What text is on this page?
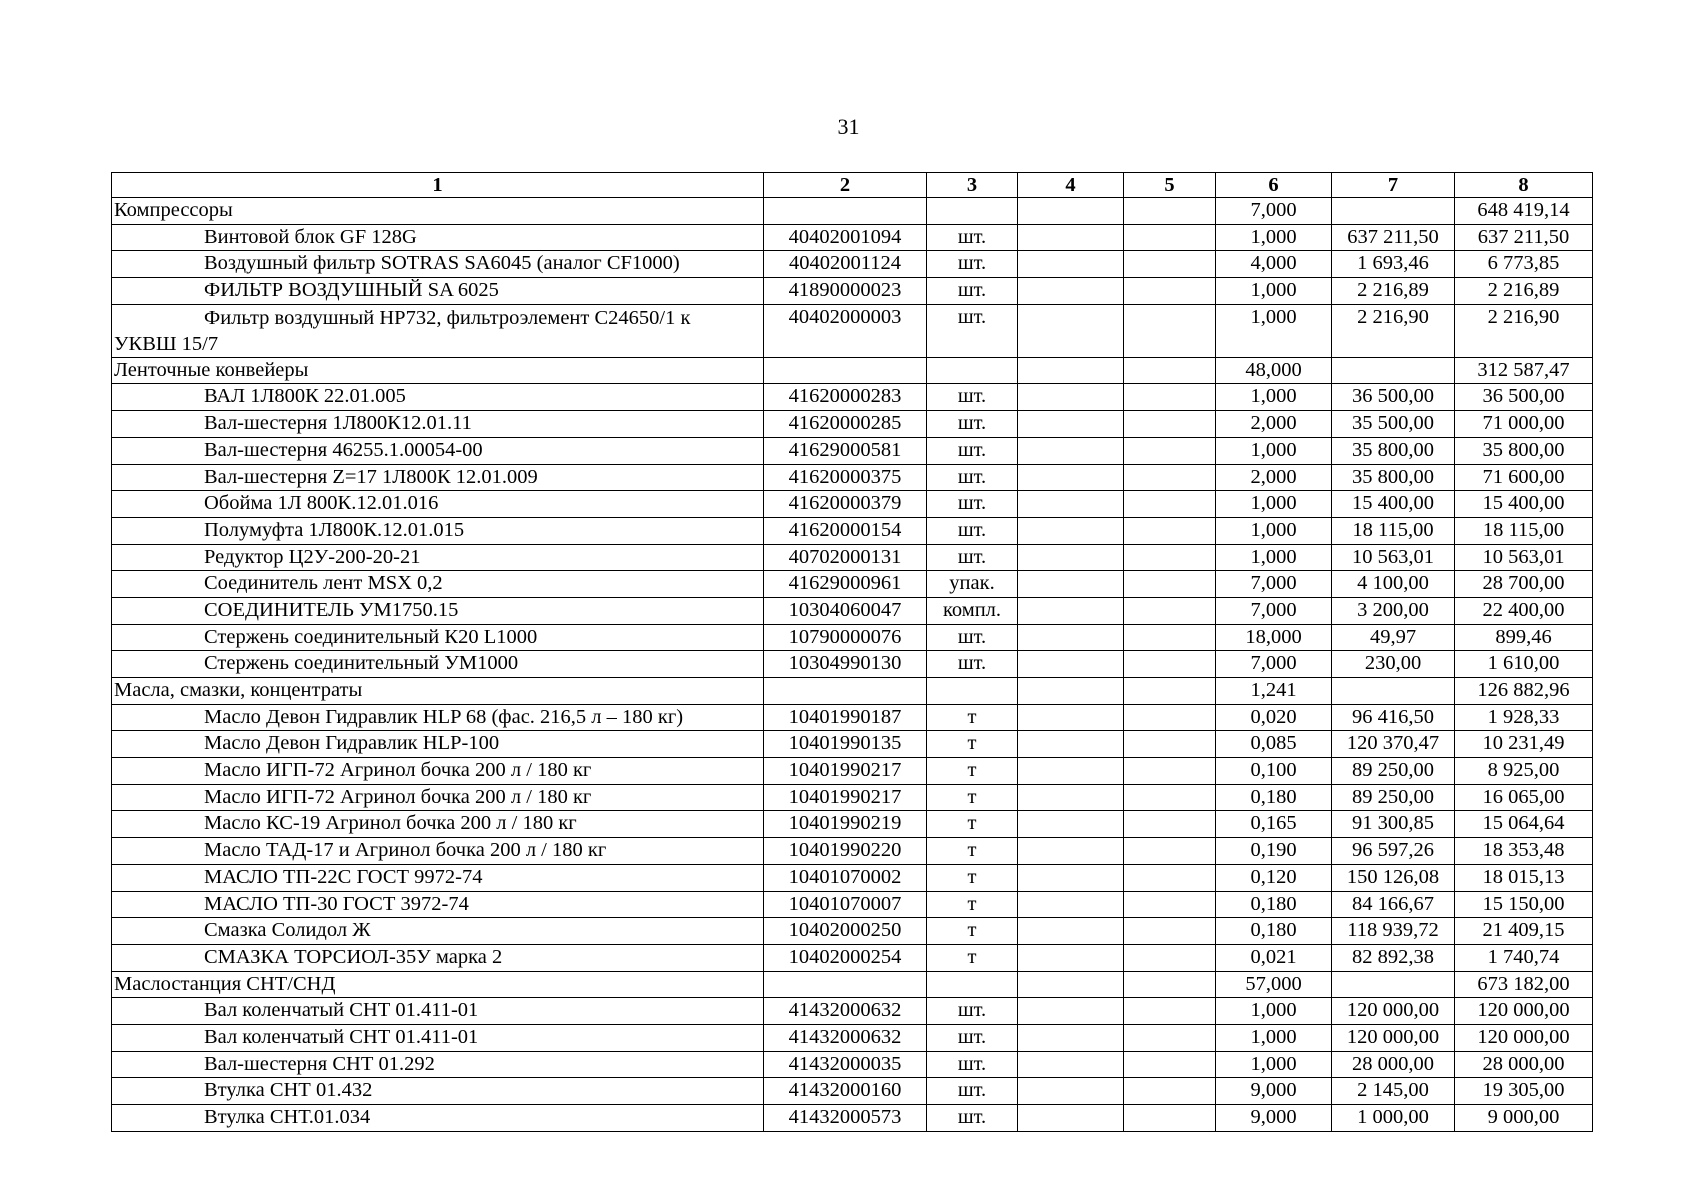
31
1	2	3	4	5	6	7	8
Компрессоры					7,000		648 419,14
Винтовой блок GF 128G	40402001094	шт.			1,000	637 211,50	637 211,50
Воздушный фильтр SOTRAS SA6045 (аналог CF1000)	40402001124	шт.			4,000	1 693,46	6 773,85
ФИЛЬТР ВОЗДУШНЫЙ SA 6025	41890000023	шт.			1,000	2 216,89	2 216,89

Фильтр воздушный HP732, фильтроэлемент С24650/1 к
УКВШ 15/7	40402000003	шт.			1,000	2 216,90	2 216,90
Ленточные конвейеры					48,000		312 587,47
ВАЛ 1Л800К 22.01.005	41620000283	шт.			1,000	36 500,00	36 500,00
Вал-шестерня 1Л800К12.01.11	41620000285	шт.			2,000	35 500,00	71 000,00
Вал-шестерня 46255.1.00054-00	41629000581	шт.			1,000	35 800,00	35 800,00
Вал-шестерня Z=17 1Л800К 12.01.009	41620000375	шт.			2,000	35 800,00	71 600,00
Обойма 1Л 800К.12.01.016	41620000379	шт.			1,000	15 400,00	15 400,00
Полумуфта 1Л800К.12.01.015	41620000154	шт.			1,000	18 115,00	18 115,00
Редуктор Ц2У-200-20-21	40702000131	шт.			1,000	10 563,01	10 563,01
Соединитель лент MSX 0,2	41629000961	упак.			7,000	4 100,00	28 700,00
СОЕДИНИТЕЛЬ УМ1750.15	10304060047	компл.			7,000	3 200,00	22 400,00
Стержень соединительный К20 L1000	10790000076	шт.			18,000	49,97	899,46
Стержень соединительный УМ1000	10304990130	шт.			7,000	230,00	1 610,00
Масла, смазки, концентраты					1,241		126 882,96
Масло Девон Гидравлик HLP 68 (фас. 216,5 л – 180 кг)	10401990187	т			0,020	96 416,50	1 928,33
Масло Девон Гидравлик HLP-100	10401990135	т			0,085	120 370,47	10 231,49
Масло ИГП-72 Агринол бочка 200 л / 180 кг	10401990217	т			0,100	89 250,00	8 925,00
Масло ИГП-72 Агринол бочка 200 л / 180 кг	10401990217	т			0,180	89 250,00	16 065,00
Масло КС-19 Агринол бочка 200 л / 180 кг	10401990219	т			0,165	91 300,85	15 064,64
Масло ТАД-17 и Агринол бочка 200 л / 180 кг	10401990220	т			0,190	96 597,26	18 353,48
МАСЛО ТП-22С ГОСТ 9972-74	10401070002	т			0,120	150 126,08	18 015,13
МАСЛО ТП-30 ГОСТ 3972-74	10401070007	т			0,180	84 166,67	15 150,00
Смазка Солидол Ж	10402000250	т			0,180	118 939,72	21 409,15
СМАЗКА ТОРСИОЛ-35У марка 2	10402000254	т			0,021	82 892,38	1 740,74
Маслостанция СНТ/СНД					57,000		673 182,00
Вал коленчатый СНТ 01.411-01	41432000632	шт.			1,000	120 000,00	120 000,00
Вал коленчатый СНТ 01.411-01	41432000632	шт.			1,000	120 000,00	120 000,00
Вал-шестерня СНТ 01.292	41432000035	шт.			1,000	28 000,00	28 000,00
Втулка СНТ 01.432	41432000160	шт.			9,000	2 145,00	19 305,00
Втулка СНТ.01.034	41432000573	шт.			9,000	1 000,00	9 000,00
